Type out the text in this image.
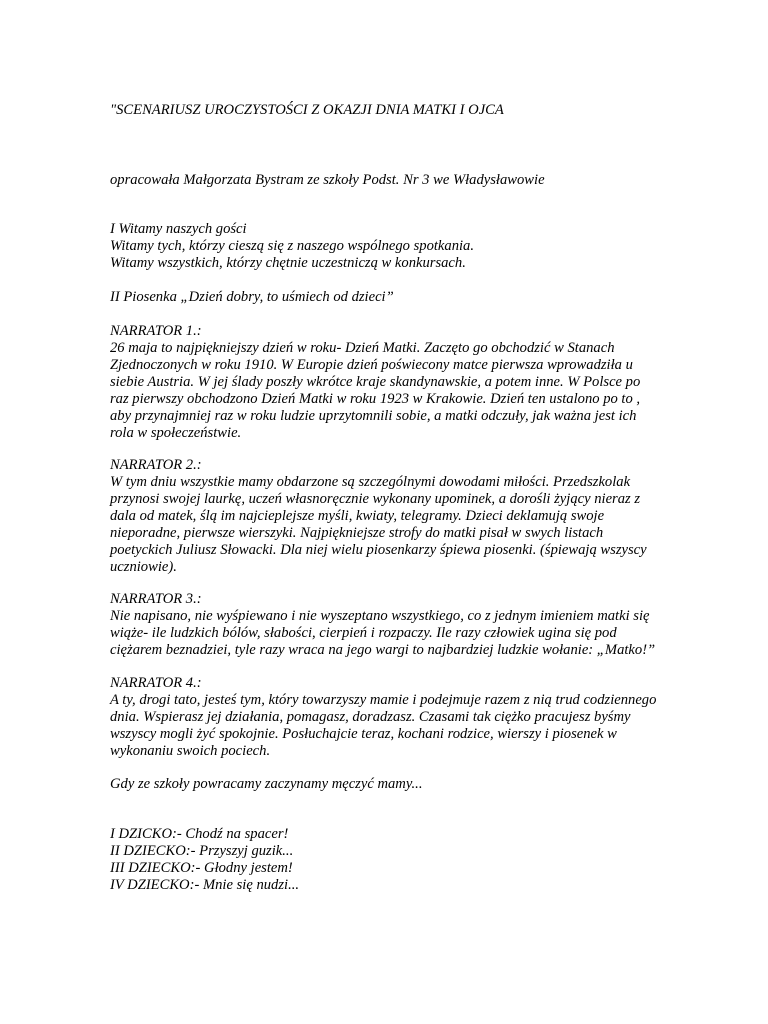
"SCENARIUSZ UROCZYSTOŚCI Z OKAZJI DNIA MATKI I OJCA
opracowała Małgorzata Bystram ze szkoły Podst. Nr 3 we Władysławowie
I Witamy naszych gości
Witamy tych, którzy cieszą się z naszego wspólnego spotkania.
Witamy wszystkich, którzy chętnie uczestniczą w konkursach.
II Piosenka „Dzień dobry, to uśmiech od dzieci”
NARRATOR 1.:
26 maja to najpiękniejszy dzień w roku- Dzień Matki. Zaczęto go obchodzić w Stanach
Zjednoczonych w roku 1910. W Europie dzień poświecony matce pierwsza wprowadziła u
siebie Austria. W jej ślady poszły wkrótce kraje skandynawskie, a potem inne. W Polsce po
raz pierwszy obchodzono Dzień Matki w roku 1923 w Krakowie. Dzień ten ustalono po to ,
aby przynajmniej raz w roku ludzie uprzytomnili sobie, a matki odczuły, jak ważna jest ich
rola w społeczeństwie.
NARRATOR 2.:
W tym dniu wszystkie mamy obdarzone są szczególnymi dowodami miłości. Przedszkolak
przynosi swojej laurkę, uczeń własnoręcznie wykonany upominek, a dorośli żyjący nieraz z
dala od matek, ślą im najcieplejsze myśli, kwiaty, telegramy. Dzieci deklamują swoje
nieporadne, pierwsze wierszyki. Najpiękniejsze strofy do matki pisał w swych listach
poetyckich Juliusz Słowacki. Dla niej wielu piosenkarzy śpiewa piosenki. (śpiewają wszyscy
uczniowie).
NARRATOR 3.:
Nie napisano, nie wyśpiewano i nie wyszeptano wszystkiego, co z jednym imieniem matki się
wiąże- ile ludzkich bólów, słabości, cierpień i rozpaczy. Ile razy człowiek ugina się pod
ciężarem beznadziei, tyle razy wraca na jego wargi to najbardziej ludzkie wołanie: „Matko!”
NARRATOR 4.:
A ty, drogi tato, jesteś tym, który towarzyszy mamie i podejmuje razem z nią trud codziennego
dnia. Wspierasz jej działania, pomagasz, doradzasz. Czasami tak ciężko pracujesz byśmy
wszyscy mogli żyć spokojnie. Posłuchajcie teraz, kochani rodzice, wierszy i piosenek w
wykonaniu swoich pociech.
Gdy ze szkoły powracamy zaczynamy męczyć mamy...
I DZICKO:- Chodź na spacer!
II DZIECKO:- Przyszyj guzik...
III DZIECKO:- Głodny jestem!
IV DZIECKO:- Mnie się nudzi...
